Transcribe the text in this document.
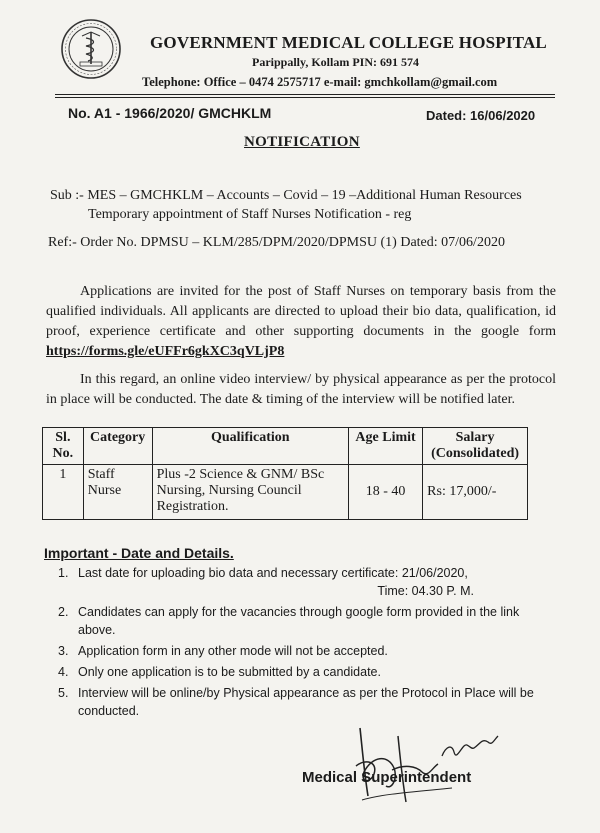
GOVERNMENT MEDICAL COLLEGE HOSPITAL
Parippally, Kollam PIN: 691 574
Telephone: Office – 0474 2575717 e-mail: gmchkollam@gmail.com
No. A1 - 1966/2020/ GMCHKLM	Dated: 16/06/2020
NOTIFICATION
Sub :- MES – GMCHKLM – Accounts – Covid – 19 –Additional Human Resources
Temporary appointment of Staff Nurses Notification - reg
Ref:- Order No. DPMSU – KLM/285/DPM/2020/DPMSU (1) Dated: 07/06/2020
Applications are invited for the post of Staff Nurses on temporary basis from the qualified individuals. All applicants are directed to upload their bio data, qualification, id proof, experience certificate and other supporting documents in the google form https://forms.gle/eUFFr6gkXC3qVLjP8
In this regard, an online video interview/ by physical appearance as per the protocol in place will be conducted. The date & timing of the interview will be notified later.
Sl. No.	Category	Qualification	Age Limit	Salary (Consolidated)
1	Staff Nurse	Plus -2 Science & GNM/ BSc Nursing, Nursing Council Registration.	18 - 40	Rs: 17,000/-
Important - Date and Details.
1. Last date for uploading bio data and necessary certificate: 21/06/2020,
Time: 04.30 P. M.
2. Candidates can apply for the vacancies through google form provided in the link above.
3. Application form in any other mode will not be accepted.
4. Only one application is to be submitted by a candidate.
5. Interview will be online/by Physical appearance as per the Protocol in Place will be conducted.
Medical Superintendent
